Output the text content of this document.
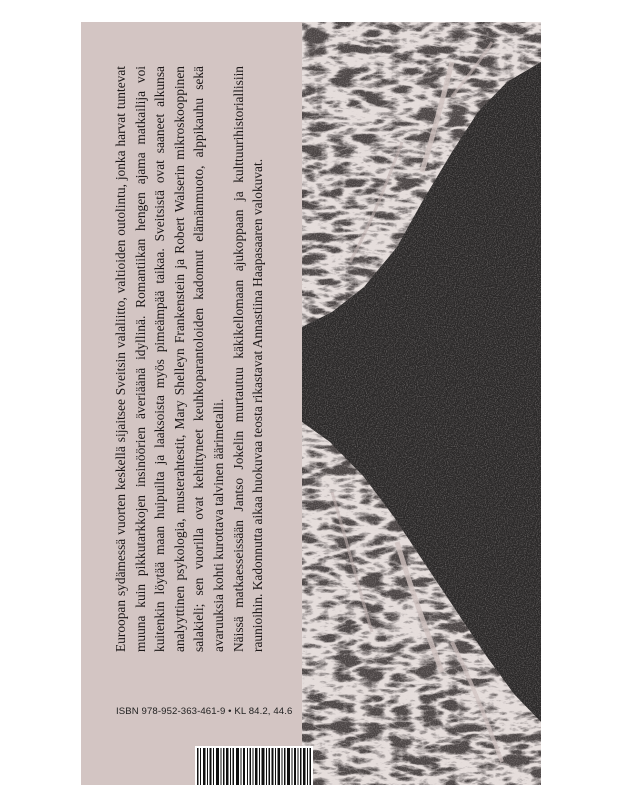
Euroopan sydämessä vuorten keskellä sijaitsee Sveitsin valaliitto, valtioiden outolintu, jonka harvat tuntevat muuna kuin pikkutarkkojen insinöörien äveriäänä idyllinä. Romantiikan hengen ajama matkailija voi kuitenkin löytää maan huipuilta ja laaksoista myös pimeämpää taikaa. Sveitsistä ovat saaneet alkunsa analyyttinen psykologia, musterahtestit, Mary Shelleyn Frankenstein ja Robert Walserin mikroskooppinen salakieli; sen vuorilla ovat kehittyneet keuhkoparantoloiden kadonnut elämänmuoto, alppikauhu sekä avaruuksia kohti kurottava talvinen äärimetalli. Näissä matkaesseissään Jantso Jokelin murtautuu käkikellomaan ajukoppaan ja kulttuurihistoriallisiin raunioihin. Kadonnutta aikaa huokuvaa teosta rikastavat Annastiina Haapasaaren valokuvat.

ISBN 978-952-363-461-9 • KL 84.2, 44.6
